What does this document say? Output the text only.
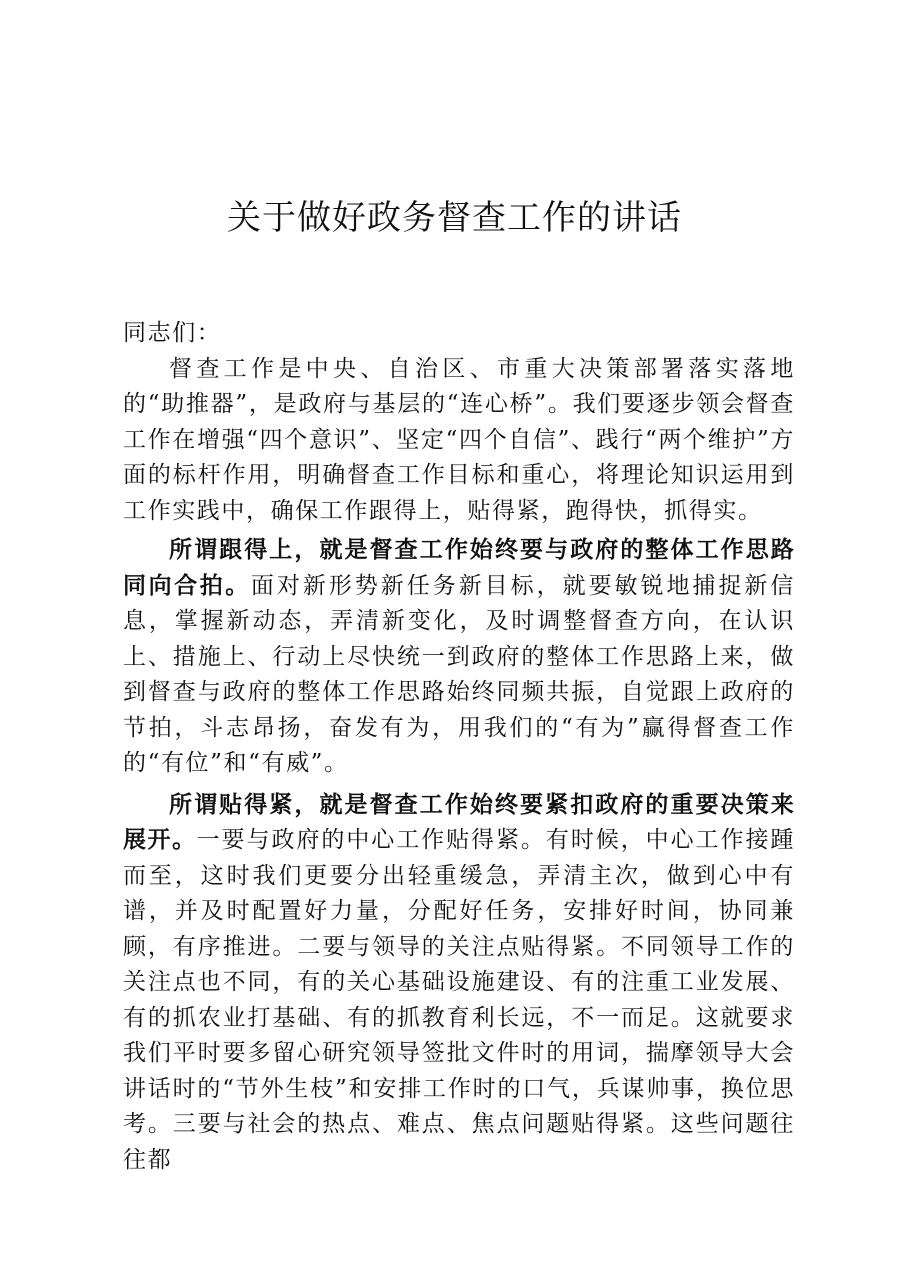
关于做好政务督查工作的讲话

同志们：

督查工作是中央、自治区、市重大决策部署落实落地的“助推器”，是政府与基层的“连心桥”。我们要逐步领会督查工作在增强“四个意识”、坚定“四个自信”、践行“两个维护”方面的标杆作用，明确督查工作目标和重心，将理论知识运用到工作实践中，确保工作跟得上，贴得紧，跑得快，抓得实。

所谓跟得上，就是督查工作始终要与政府的整体工作思路同向合拍。面对新形势新任务新目标，就要敏锐地捕捉新信息，掌握新动态，弄清新变化，及时调整督查方向，在认识上、措施上、行动上尽快统一到政府的整体工作思路上来，做到督查与政府的整体工作思路始终同频共振，自觉跟上政府的节拍，斗志昂扬，奋发有为，用我们的“有为”赢得督查工作的“有位”和“有威”。

所谓贴得紧，就是督查工作始终要紧扣政府的重要决策来展开。一要与政府的中心工作贴得紧。有时候，中心工作接踵而至，这时我们更要分出轻重缓急，弄清主次，做到心中有谱，并及时配置好力量，分配好任务，安排好时间，协同兼顾，有序推进。二要与领导的关注点贴得紧。不同领导工作的关注点也不同，有的关心基础设施建设、有的注重工业发展、有的抓农业打基础、有的抓教育利长远，不一而足。这就要求我们平时要多留心研究领导签批文件时的用词，揣摩领导大会讲话时的“节外生枝”和安排工作时的口气，兵谋帅事，换位思考。三要与社会的热点、难点、焦点问题贴得紧。这些问题往往都
